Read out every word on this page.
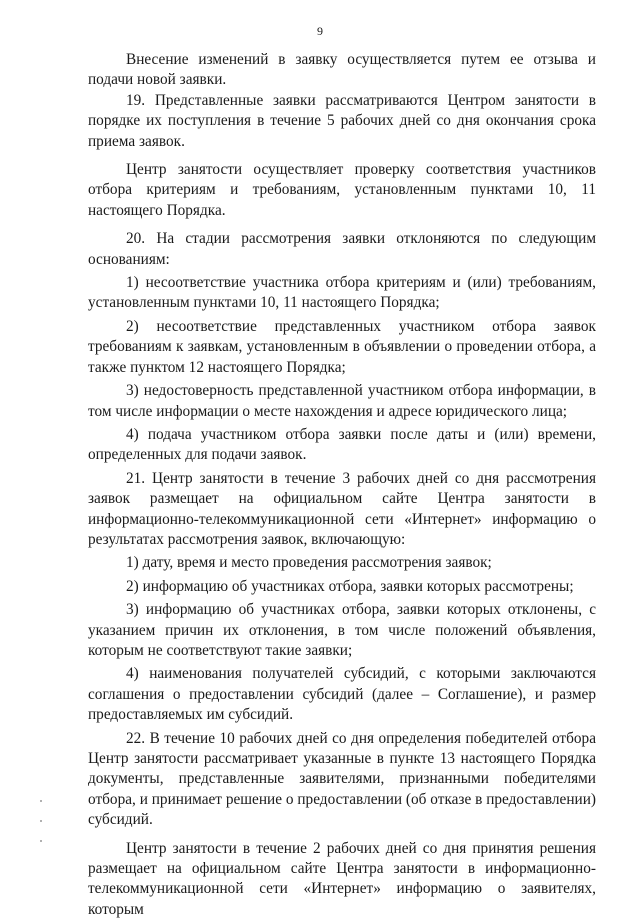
9

Внесение изменений в заявку осуществляется путем ее отзыва и подачи новой заявки.

19. Представленные заявки рассматриваются Центром занятости в порядке их поступления в течение 5 рабочих дней со дня окончания срока приема заявок.

Центр занятости осуществляет проверку соответствия участников отбора критериям и требованиям, установленным пунктами 10, 11 настоящего Порядка.

20. На стадии рассмотрения заявки отклоняются по следующим основаниям:

1) несоответствие участника отбора критериям и (или) требованиям, установленным пунктами 10, 11 настоящего Порядка;

2) несоответствие представленных участником отбора заявок требованиям к заявкам, установленным в объявлении о проведении отбора, а также пунктом 12 настоящего Порядка;

3) недостоверность представленной участником отбора информации, в том числе информации о месте нахождения и адресе юридического лица;

4) подача участником отбора заявки после даты и (или) времени, определенных для подачи заявок.

21. Центр занятости в течение 3 рабочих дней со дня рассмотрения заявок размещает на официальном сайте Центра занятости в информационно-телекоммуникационной сети «Интернет» информацию о результатах рассмотрения заявок, включающую:

1) дату, время и место проведения рассмотрения заявок;

2) информацию об участниках отбора, заявки которых рассмотрены;

3) информацию об участниках отбора, заявки которых отклонены, с указанием причин их отклонения, в том числе положений объявления, которым не соответствуют такие заявки;

4) наименования получателей субсидий, с которыми заключаются соглашения о предоставлении субсидий (далее – Соглашение), и размер предоставляемых им субсидий.

22. В течение 10 рабочих дней со дня определения победителей отбора Центр занятости рассматривает указанные в пункте 13 настоящего Порядка документы, представленные заявителями, признанными победителями отбора, и принимает решение о предоставлении (об отказе в предоставлении) субсидий.

Центр занятости в течение 2 рабочих дней со дня принятия решения размещает на официальном сайте Центра занятости в информационно-телекоммуникационной сети «Интернет» информацию о заявителях, которым
